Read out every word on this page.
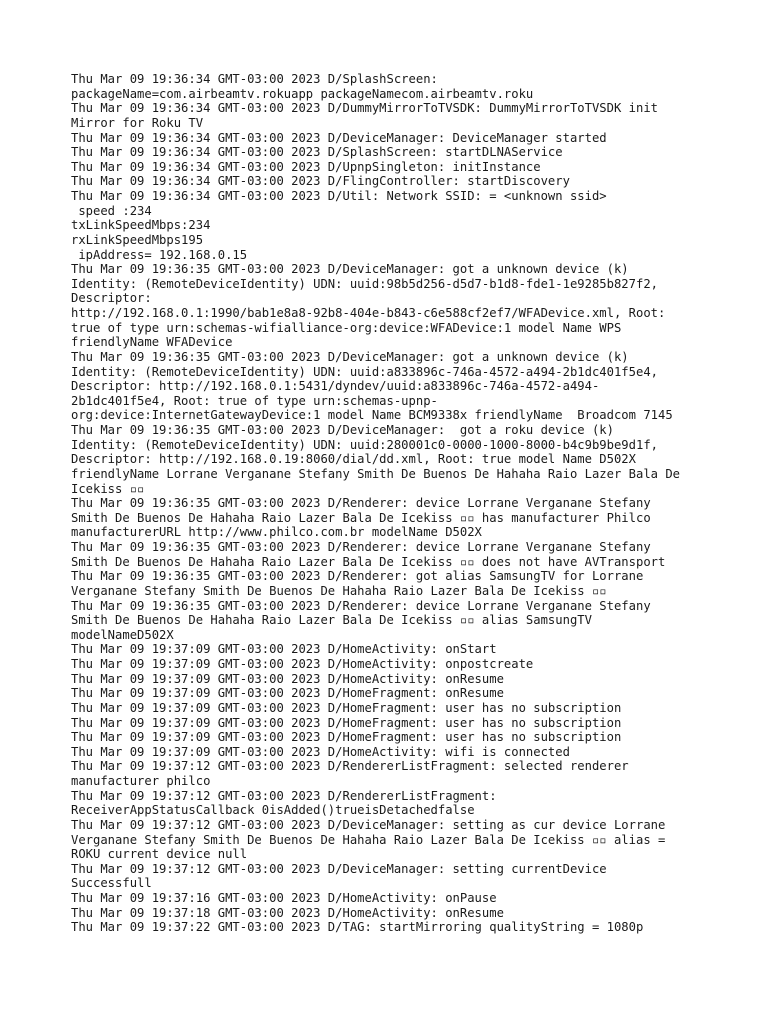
Thu Mar 09 19:36:34 GMT-03:00 2023 D/SplashScreen:
packageName=com.airbeamtv.rokuapp packageNamecom.airbeamtv.roku
Thu Mar 09 19:36:34 GMT-03:00 2023 D/DummyMirrorToTVSDK: DummyMirrorToTVSDK init
Mirror for Roku TV
Thu Mar 09 19:36:34 GMT-03:00 2023 D/DeviceManager: DeviceManager started
Thu Mar 09 19:36:34 GMT-03:00 2023 D/SplashScreen: startDLNAService
Thu Mar 09 19:36:34 GMT-03:00 2023 D/UpnpSingleton: initInstance
Thu Mar 09 19:36:34 GMT-03:00 2023 D/FlingController: startDiscovery
Thu Mar 09 19:36:34 GMT-03:00 2023 D/Util: Network SSID: = <unknown ssid>
speed :234
txLinkSpeedMbps:234
rxLinkSpeedMbps195
ipAddress= 192.168.0.15
Thu Mar 09 19:36:35 GMT-03:00 2023 D/DeviceManager: got a unknown device (k)
Identity: (RemoteDeviceIdentity) UDN: uuid:98b5d256-d5d7-b1d8-fde1-1e9285b827f2,
Descriptor:
http://192.168.0.1:1990/bab1e8a8-92b8-404e-b843-c6e588cf2ef7/WFADevice.xml, Root:
true of type urn:schemas-wifialliance-org:device:WFADevice:1 model Name WPS
friendlyName WFADevice
Thu Mar 09 19:36:35 GMT-03:00 2023 D/DeviceManager: got a unknown device (k)
Identity: (RemoteDeviceIdentity) UDN: uuid:a833896c-746a-4572-a494-2b1dc401f5e4,
Descriptor: http://192.168.0.1:5431/dyndev/uuid:a833896c-746a-4572-a494-
2b1dc401f5e4, Root: true of type urn:schemas-upnp-
org:device:InternetGatewayDevice:1 model Name BCM9338x friendlyName  Broadcom 7145
Thu Mar 09 19:36:35 GMT-03:00 2023 D/DeviceManager:  got a roku device (k)
Identity: (RemoteDeviceIdentity) UDN: uuid:280001c0-0000-1000-8000-b4c9b9be9d1f,
Descriptor: http://192.168.0.19:8060/dial/dd.xml, Root: true model Name D502X
friendlyName Lorrane Verganane Stefany Smith De Buenos De Hahaha Raio Lazer Bala De
Icekiss ▫▫
Thu Mar 09 19:36:35 GMT-03:00 2023 D/Renderer: device Lorrane Verganane Stefany
Smith De Buenos De Hahaha Raio Lazer Bala De Icekiss ▫▫ has manufacturer Philco
manufacturerURL http://www.philco.com.br modelName D502X
Thu Mar 09 19:36:35 GMT-03:00 2023 D/Renderer: device Lorrane Verganane Stefany
Smith De Buenos De Hahaha Raio Lazer Bala De Icekiss ▫▫ does not have AVTransport
Thu Mar 09 19:36:35 GMT-03:00 2023 D/Renderer: got alias SamsungTV for Lorrane
Verganane Stefany Smith De Buenos De Hahaha Raio Lazer Bala De Icekiss ▫▫
Thu Mar 09 19:36:35 GMT-03:00 2023 D/Renderer: device Lorrane Verganane Stefany
Smith De Buenos De Hahaha Raio Lazer Bala De Icekiss ▫▫ alias SamsungTV
modelNameD502X
Thu Mar 09 19:37:09 GMT-03:00 2023 D/HomeActivity: onStart
Thu Mar 09 19:37:09 GMT-03:00 2023 D/HomeActivity: onpostcreate
Thu Mar 09 19:37:09 GMT-03:00 2023 D/HomeActivity: onResume
Thu Mar 09 19:37:09 GMT-03:00 2023 D/HomeFragment: onResume
Thu Mar 09 19:37:09 GMT-03:00 2023 D/HomeFragment: user has no subscription
Thu Mar 09 19:37:09 GMT-03:00 2023 D/HomeFragment: user has no subscription
Thu Mar 09 19:37:09 GMT-03:00 2023 D/HomeFragment: user has no subscription
Thu Mar 09 19:37:09 GMT-03:00 2023 D/HomeActivity: wifi is connected
Thu Mar 09 19:37:12 GMT-03:00 2023 D/RendererListFragment: selected renderer
manufacturer philco
Thu Mar 09 19:37:12 GMT-03:00 2023 D/RendererListFragment:
ReceiverAppStatusCallback 0isAdded()trueisDetachedfalse
Thu Mar 09 19:37:12 GMT-03:00 2023 D/DeviceManager: setting as cur device Lorrane
Verganane Stefany Smith De Buenos De Hahaha Raio Lazer Bala De Icekiss ▫▫ alias =
ROKU current device null
Thu Mar 09 19:37:12 GMT-03:00 2023 D/DeviceManager: setting currentDevice
Successfull
Thu Mar 09 19:37:16 GMT-03:00 2023 D/HomeActivity: onPause
Thu Mar 09 19:37:18 GMT-03:00 2023 D/HomeActivity: onResume
Thu Mar 09 19:37:22 GMT-03:00 2023 D/TAG: startMirroring qualityString = 1080p
